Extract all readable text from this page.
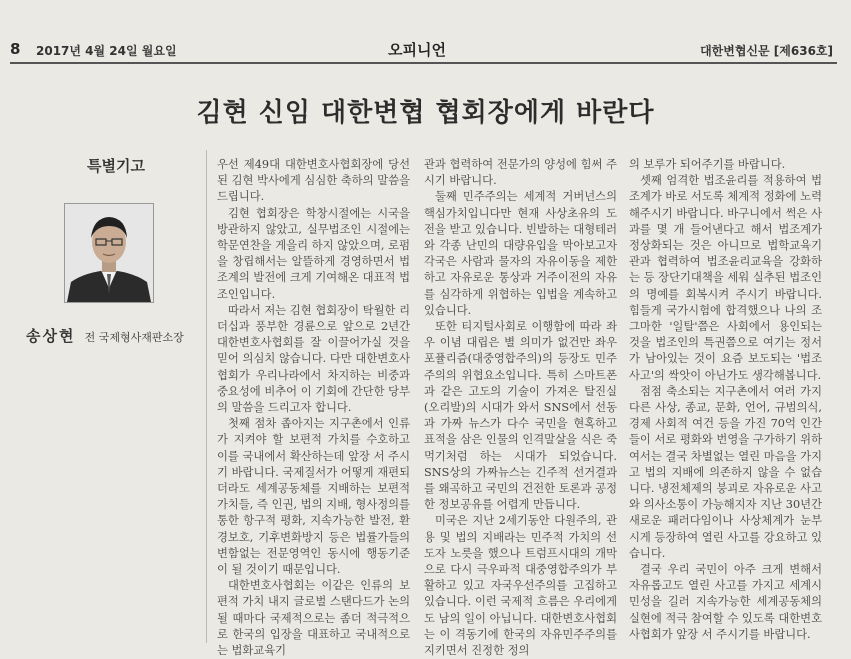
8 2017년 4월 24일 월요일	오피니언	대한변협신문 [제636호]
김현 신임 대한변협 협회장에게 바란다
특별기고
송상현 전 국제형사재판소장

우선 제49대 대한변호사협회장에 당선된 김현 박사에게 심심한 축하의 말씀을 드립니다.

김현 협회장은 학창시절에는 시국을 방관하지 않았고, 실무법조인 시절에는 학문연찬을 게을리 하지 않았으며, 로펌을 창립해서는 알뜰하게 경영하면서 법조계의 발전에 크게 기여해온 대표적 법조인입니다.

따라서 저는 김현 협회장이 탁월한 리더십과 풍부한 경륜으로 앞으로 2년간 대한변호사협회를 잘 이끌어가실 것을 믿어 의심치 않습니다. 다만 대한변호사협회가 우리나라에서 차지하는 비중과 중요성에 비추어 이 기회에 간단한 당부의 말씀을 드리고자 합니다.

첫째 점차 좁아지는 지구촌에서 인류가 지켜야 할 보편적 가치를 수호하고 이를 국내에서 확산하는데 앞장 서 주시기 바랍니다. 국제질서가 어떻게 재편되더라도 세계공동체를 지배하는 보편적 가치들, 즉 인권, 법의 지배, 형사정의를 통한 항구적 평화, 지속가능한 발전, 환경보호, 기후변화방지 등은 법률가들의 변함없는 전문영역인 동시에 행동기준이 될 것이기 때문입니다.

대한변호사협회는 이같은 인류의 보편적 가치 내지 글로벌 스탠다드가 논의될 때마다 국제적으로는 좀더 적극적으로 한국의 입장을 대표하고 국내적으로는 법화교육기

관과 협력하여 전문가의 양성에 힘써 주시기 바랍니다.

둘째 민주주의는 세계적 거버넌스의 핵심가치입니다만 현재 사상초유의 도전을 받고 있습니다. 빈발하는 대형테러와 각종 난민의 대량유입을 막아보고자 각국은 사람과 물자의 자유이동을 제한하고 자유로운 통상과 거주이전의 자유를 심각하게 위협하는 입법을 계속하고 있습니다.

또한 티지털사회로 이행함에 따라 좌우 이념 대립은 별 의미가 없건만 좌우 포퓰리즘(대중영합주의)의 등장도 민주주의의 위협요소입니다. 특히 스마트폰과 같은 고도의 기술이 가져온 탈진실(오리발)의 시대가 와서 SNS에서 선동과 가짜 뉴스가 다수 국민을 현혹하고 표적을 삼은 인물의 인격말살을 식은 죽 먹기처럼 하는 시대가 되었습니다. SNS상의 가짜뉴스는 긴주적 선거결과를 왜곡하고 국민의 건전한 토론과 공정한 정보공유를 어렵게 만듭니다.

미국은 지난 2세기동안 다원주의, 관용 및 법의 지배라는 민주적 가치의 선도자 노릇을 했으나 트럼프시대의 개막으로 다시 극우파적 대중영합주의가 부활하고 있고 자국우선주의를 고집하고 있습니다. 이런 국제적 흐름은 우리에게도 남의 일이 아닙니다. 대한변호사협회는 이 격동기에 한국의 자유민주주의를 지키면서 진정한 정의

의 보루가 되어주기를 바랍니다.

셋째 엄격한 법조윤리를 적용하여 법조계가 바로 서도록 체계적 정화에 노력해주시기 바랍니다. 바구니에서 썩은 사과를 몇 개 들어낸다고 해서 법조계가 정상화되는 것은 아니므로 법학교육기관과 협력하여 법조윤리교육을 강화하는 등 장단기대책을 세워 실추된 법조인의 명예를 회복시켜 주시기 바랍니다. 힘들게 국가시험에 합격했으나 나의 조그마한 '일탈'쯤은 사회에서 용인되는 것을 법조인의 특권쯤으로 여기는 정서가 남아있는 것이 요즘 보도되는 '법조사고'의 싹앗이 아닌가도 생각해봅니다.

점점 축소되는 지구촌에서 여러 가지 다른 사상, 종교, 문화, 언어, 규범의식, 경제 사회적 여건 등을 가진 70억 인간들이 서로 평화와 번영을 구가하기 위하여서는 결국 차별없는 열린 마음을 가지고 법의 지배에 의존하지 않을 수 없습니다. 냉전체제의 붕괴로 자유로운 사고와 의사소통이 가능해지자 지난 30년간 새로운 패러다임이나 사상체계가 눈부시게 등장하여 열린 사고를 강요하고 있습니다.

결국 우리 국민이 아주 크게 변해서 자유롭고도 열린 사고를 가지고 세계시민성을 길러 지속가능한 세계공동체의 실현에 적극 참여할 수 있도록 대한변호사협회가 앞장 서 주시기를 바랍니다.
